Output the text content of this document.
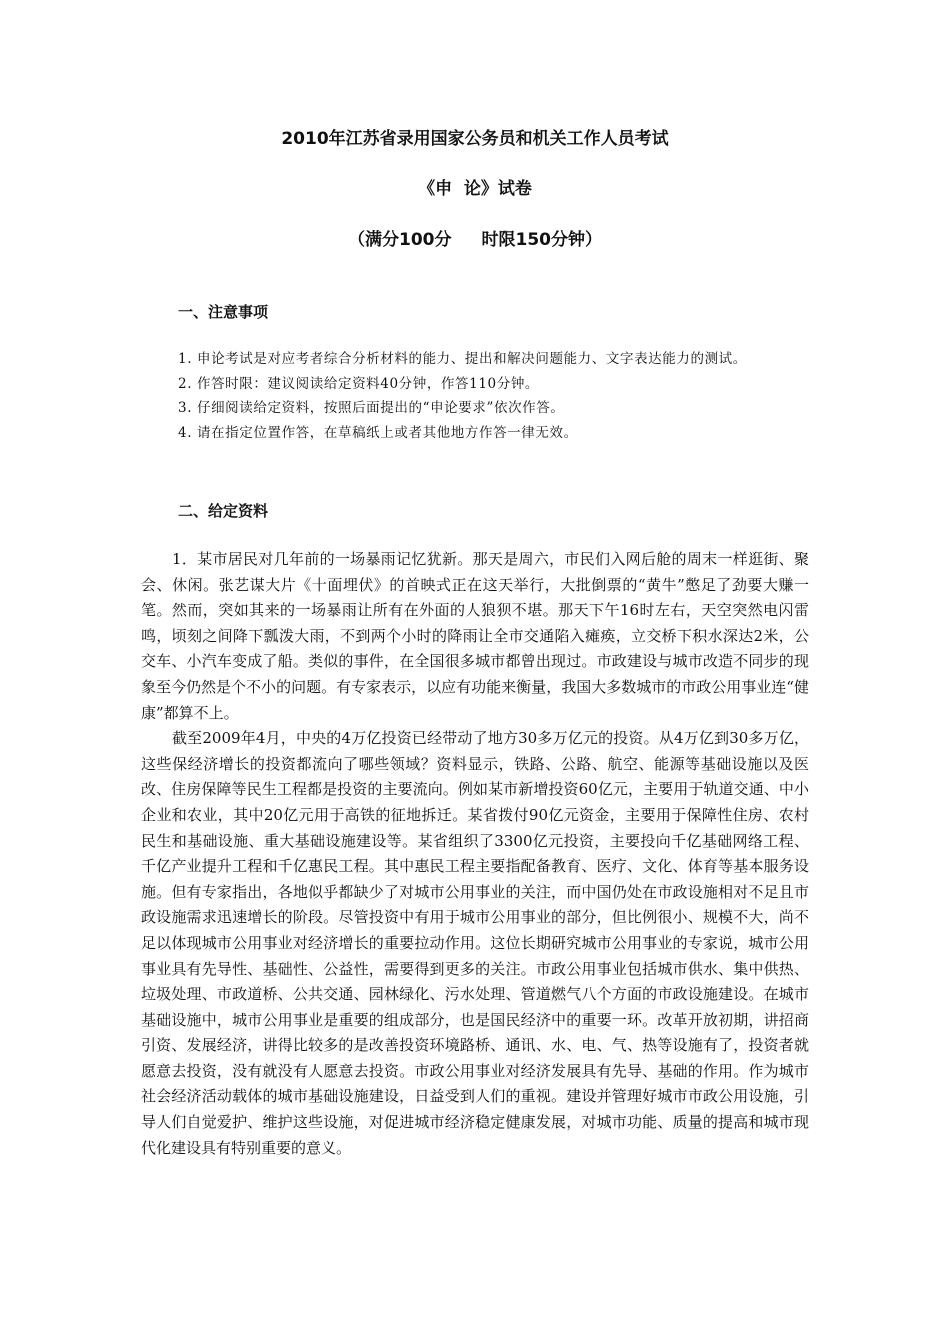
2010年江苏省录用国家公务员和机关工作人员考试
《申  论》试卷
（满分100分 时限150分钟）
一、注意事项

1. 申论考试是对应考者综合分析材料的能力、提出和解决问题能力、文字表达能力的测试。

2. 作答时限：建议阅读给定资料40分钟，作答110分钟。

3. 仔细阅读给定资料，按照后面提出的“申论要求”依次作答。

4. 请在指定位置作答，在草稿纸上或者其他地方作答一律无效。

二、给定资料

1．某市居民对几年前的一场暴雨记忆犹新。那天是周六，市民们入网后舱的周末一样逛街、聚会、休闲。张艺谋大片《十面埋伏》的首映式正在这天举行，大批倒票的“黄牛”憋足了劲要大赚一笔。然而，突如其来的一场暴雨让所有在外面的人狼狈不堪。那天下午16时左右，天空突然电闪雷鸣，顷刻之间降下瓢泼大雨，不到两个小时的降雨让全市交通陷入瘫痪，立交桥下积水深达2米，公交车、小汽车变成了船。类似的事件，在全国很多城市都曾出现过。市政建设与城市改造不同步的现象至今仍然是个不小的问题。有专家表示，以应有功能来衡量，我国大多数城市的市政公用事业连“健康”都算不上。

截至2009年4月，中央的4万亿投资已经带动了地方30多万亿元的投资。从4万亿到30多万亿，这些保经济增长的投资都流向了哪些领域？资料显示，铁路、公路、航空、能源等基础设施以及医改、住房保障等民生工程都是投资的主要流向。例如某市新增投资60亿元，主要用于轨道交通、中小企业和农业，其中20亿元用于高铁的征地拆迁。某省拨付90亿元资金，主要用于保障性住房、农村民生和基础设施、重大基础设施建设等。某省组织了3300亿元投资，主要投向千亿基础网络工程、千亿产业提升工程和千亿惠民工程。其中惠民工程主要指配备教育、医疗、文化、体育等基本服务设施。但有专家指出，各地似乎都缺少了对城市公用事业的关注，而中国仍处在市政设施相对不足且市政设施需求迅速增长的阶段。尽管投资中有用于城市公用事业的部分，但比例很小、规模不大，尚不足以体现城市公用事业对经济增长的重要拉动作用。这位长期研究城市公用事业的专家说，城市公用事业具有先导性、基础性、公益性，需要得到更多的关注。市政公用事业包括城市供水、集中供热、垃圾处理、市政道桥、公共交通、园林绿化、污水处理、管道燃气八个方面的市政设施建设。在城市基础设施中，城市公用事业是重要的组成部分，也是国民经济中的重要一环。改革开放初期，讲招商引资、发展经济，讲得比较多的是改善投资环境路桥、通讯、水、电、气、热等设施有了，投资者就愿意去投资，没有就没有人愿意去投资。市政公用事业对经济发展具有先导、基础的作用。作为城市社会经济活动载体的城市基础设施建设，日益受到人们的重视。建设并管理好城市市政公用设施，引导人们自觉爱护、维护这些设施，对促进城市经济稳定健康发展，对城市功能、质量的提高和城市现代化建设具有特别重要的意义。
